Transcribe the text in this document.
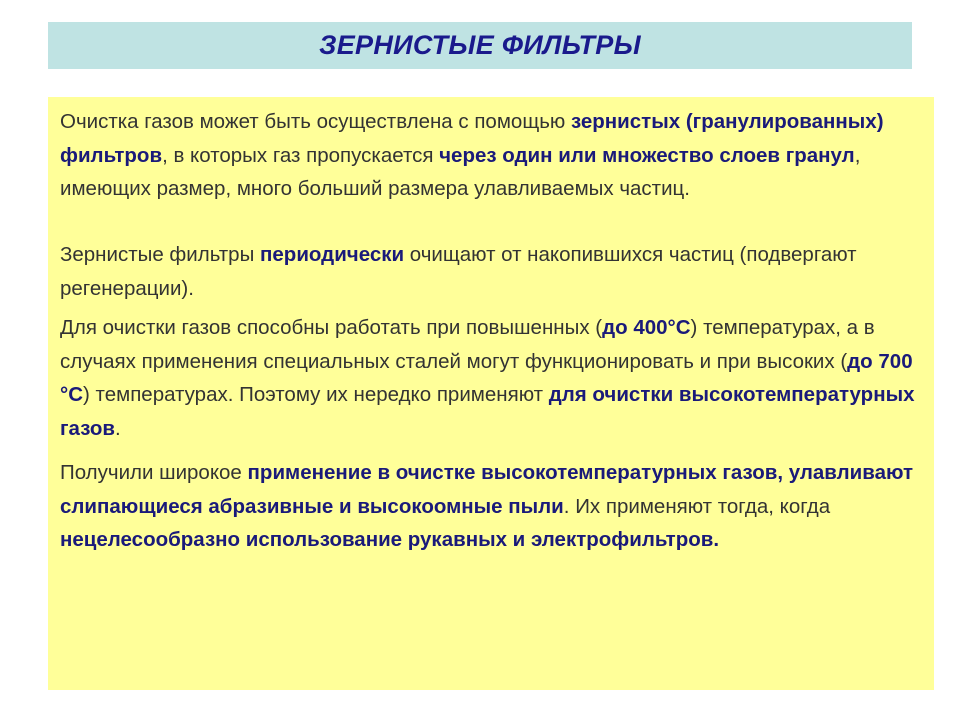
ЗЕРНИСТЫЕ ФИЛЬТРЫ

Очистка газов может быть осуществлена с помощью зернистых (гранулированных) фильтров, в которых газ пропускается через один или множество слоев гранул, имеющих размер, много больший размера улавливаемых частиц.

Зернистые фильтры периодически очищают от накопившихся частиц (подвергают регенерации).

Для очистки газов способны работать при повышенных (до 400°С) температурах, а в случаях применения специальных сталей могут функционировать и при высоких (до 700 °С) температурах. Поэтому их нередко применяют для очистки высокотемпературных газов.

Получили широкое применение в очистке высокотемпературных газов, улавливают слипающиеся абразивные и высокоомные пыли. Их применяют тогда, когда нецелесообразно использование рукавных и электрофильтров.
